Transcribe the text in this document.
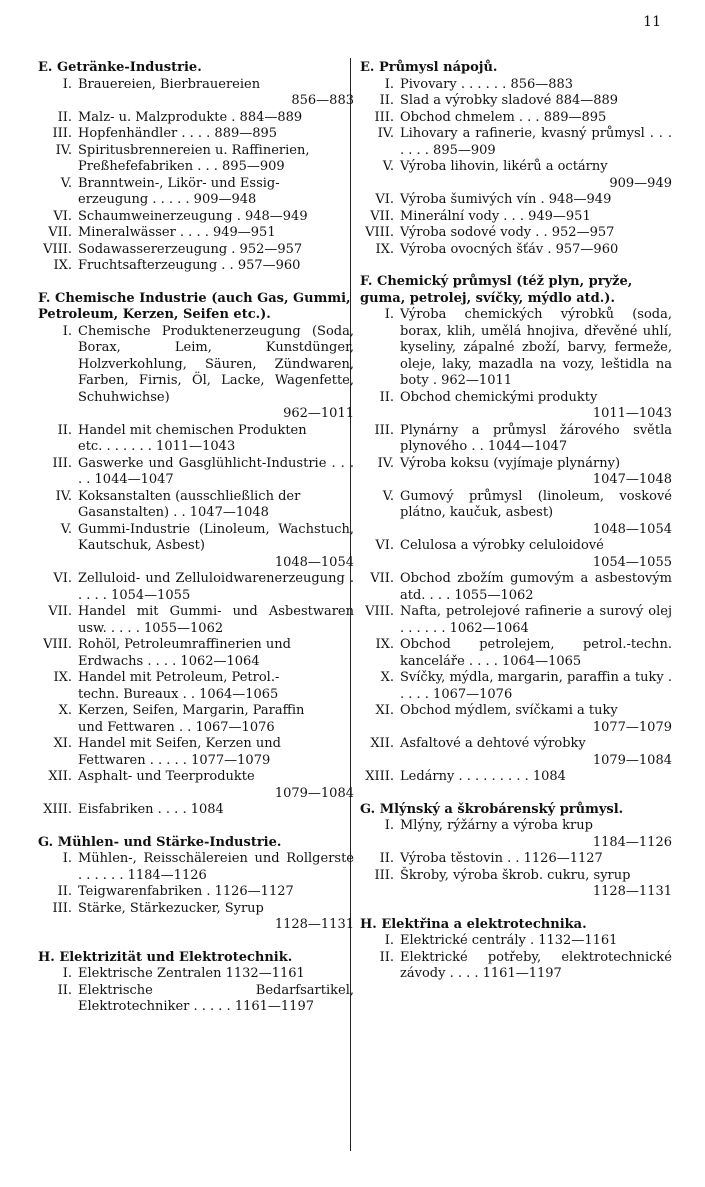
11
E. Getränke-Industrie.
I. Brauereien, Bierbrauereien
856—883
II. Malz- u. Malzprodukte . 884—889
III. Hopfenhändler . . . . 889—895
IV. Spiritusbrennereien u. Raffinerien,
Preßhefefabriken . . . 895—909
V. Branntwein-, Likör- und Essig-
erzeugung . . . . . 909—948
VI. Schaumweinerzeugung . 948—949
VII. Mineralwässer . . . . 949—951
VIII. Sodawassererzeugung . 952—957
IX. Fruchtsafterzeugung . . 957—960
F. Chemische Industrie (auch Gas, Gummi, Petroleum, Kerzen, Seifen etc.).
I. Chemische Produktenerzeugung (Soda, Borax, Leim, Kunstdünger, Holzverkohlung, Säuren, Zündwaren, Farben, Firnis, Öl, Lacke, Wagenfette, Schuhwichse)
962—1011
II. Handel mit chemischen Produkten
etc. . . . . . . 1011—1043
III. Gaswerke und Gasglühlicht-Industrie . . . . . 1044—1047
IV. Koksanstalten (ausschließlich der
Gasanstalten) . . 1047—1048
V. Gummi-Industrie (Linoleum, Wachstuch, Kautschuk, Asbest)
1048—1054
VI. Zelluloid- und Zelluloidwarenerzeugung . . . . . 1054—1055
VII. Handel mit Gummi- und Asbestwaren usw. . . . . 1055—1062
VIII. Rohöl, Petroleumraffinerien und
Erdwachs . . . . 1062—1064
IX. Handel mit Petroleum, Petrol.-
techn. Bureaux . . 1064—1065
X. Kerzen, Seifen, Margarin, Paraffin
und Fettwaren . . 1067—1076
XI. Handel mit Seifen, Kerzen und
Fettwaren . . . . . 1077—1079
XII. Asphalt- und Teerprodukte
1079—1084
XIII. Eisfabriken . . . . 1084
G. Mühlen- und Stärke-Industrie.
I. Mühlen-, Reisschälereien und Rollgerste . . . . . . 1184—1126
II. Teigwarenfabriken . 1126—1127
III. Stärke, Stärkezucker, Syrup
1128—1131
H. Elektrizität und Elektrotechnik.
I. Elektrische Zentralen 1132—1161
II. Elektrische Bedarfsartikel, Elektrotechniker . . . . . 1161—1197
E. Průmysl nápojů.
I. Pivovary . . . . . . 856—883
II. Slad a výrobky sladové 884—889
III. Obchod chmelem . . . 889—895
IV. Lihovary a rafinerie, kvasný průmysl . . . . . . . 895—909
V. Výroba lihovin, likérů a octárny
909—949
VI. Výroba šumivých vín . 948—949
VII. Minerální vody . . . 949—951
VIII. Výroba sodové vody . . 952—957
IX. Výroba ovocných šťáv . 957—960
F. Chemický průmysl (též plyn, pryže, guma, petrolej, svíčky, mýdlo atd.).
I. Výroba chemických výrobků (soda, borax, klih, umělá hnojiva, dřevěné uhlí, kyseliny, zápalné zboží, barvy, fermeže, oleje, laky, mazadla na vozy, leštidla na boty . 962—1011
II. Obchod chemickými produkty
1011—1043
III. Plynárny a průmysl žárového světla plynového . . 1044—1047
IV. Výroba koksu (vyjímaje plynárny)
1047—1048
V. Gumový průmysl (linoleum, voskové plátno, kaučuk, asbest)
1048—1054
VI. Celulosa a výrobky celuloidové
1054—1055
VII. Obchod zbožím gumovým a asbestovým atd. . . . 1055—1062
VIII. Nafta, petrolejové rafinerie a surový olej . . . . . . 1062—1064
IX. Obchod petrolejem, petrol.-techn. kanceláře . . . . 1064—1065
X. Svíčky, mýdla, margarin, paraffin a tuky . . . . . 1067—1076
XI. Obchod mýdlem, svíčkami a tuky
1077—1079
XII. Asfaltové a dehtové výrobky
1079—1084
XIII. Ledárny . . . . . . . . . 1084
G. Mlýnský a škrobárenský průmysl.
I. Mlýny, rýžárny a výroba krup
1184—1126
II. Výroba těstovin . . 1126—1127
III. Škroby, výroba škrob. cukru, syrup
1128—1131
H. Elektřina a elektrotechnika.
I. Elektrické centrály . 1132—1161
II. Elektrické potřeby, elektrotechnické závody . . . . 1161—1197
